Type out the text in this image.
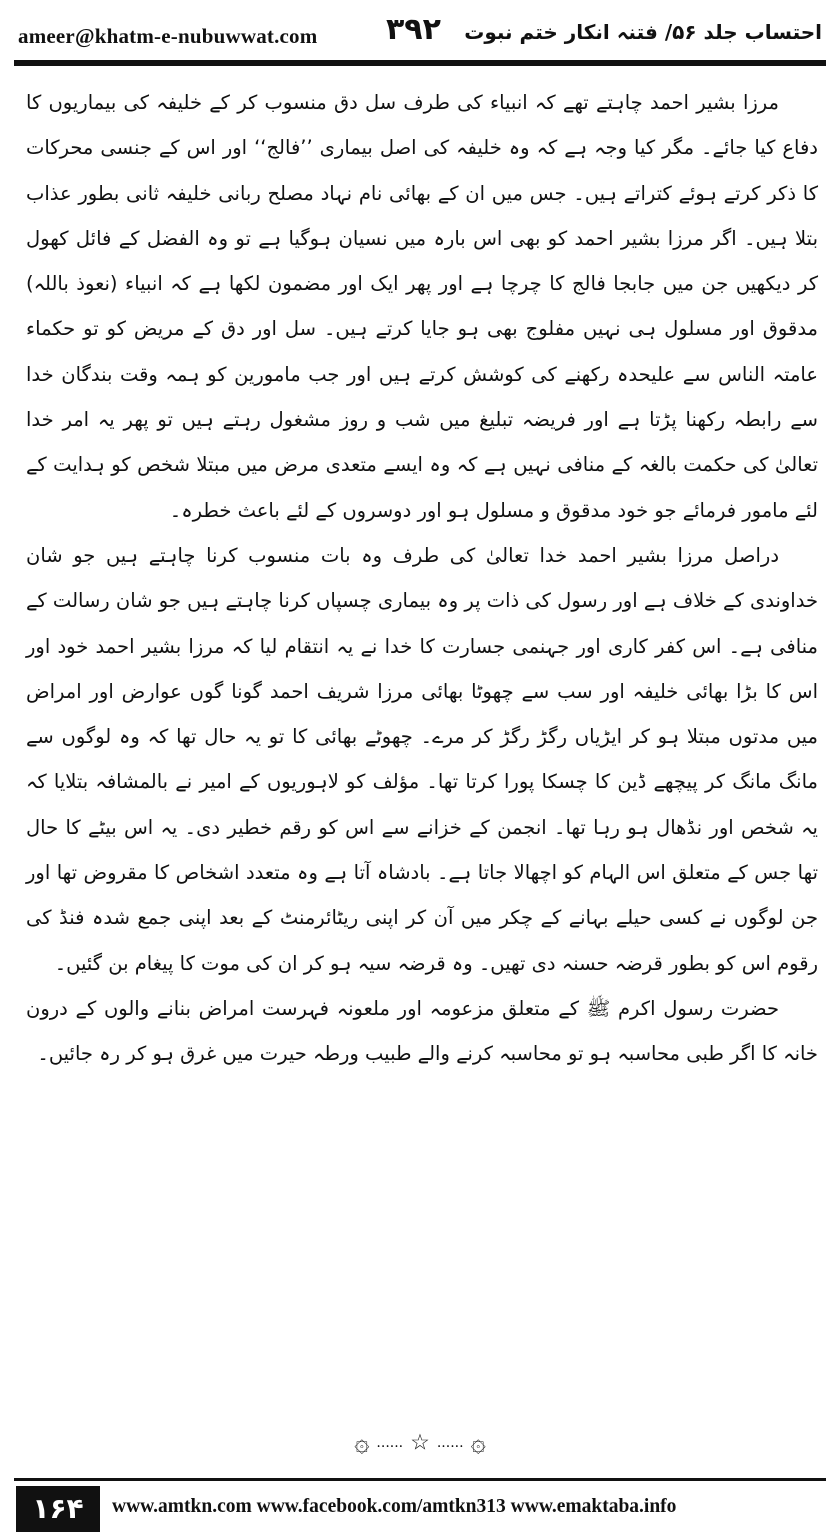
ameer@khatm-e-nubuwwat.com ۳۹۲ احتساب جلد ۵۶/ فتنہ انکار ختم نبوت

مرزا بشیر احمد چاہتے تھے کہ انبیاء کی طرف سل دق منسوب کر کے خلیفہ کی بیماریوں کا دفاع کیا جائے۔ مگر کیا وجہ ہے کہ وہ خلیفہ کی اصل بیماری ’’فالج‘‘ اور اس کے جنسی محرکات کا ذکر کرتے ہوئے کتراتے ہیں۔ جس میں ان کے بھائی نام نہاد مصلح ربانی خلیفہ ثانی بطور عذاب بتلا ہیں۔ اگر مرزا بشیر احمد کو بھی اس بارہ میں نسیان ہوگیا ہے تو وہ الفضل کے فائل کھول کر دیکھیں جن میں جابجا فالج کا چرچا ہے اور پھر ایک اور مضمون لکھا ہے کہ انبیاء (نعوذ باللہ) مدقوق اور مسلول ہی نہیں مفلوج بھی ہو جایا کرتے ہیں۔ سل اور دق کے مریض کو تو حکماء عامتہ الناس سے علیحدہ رکھنے کی کوشش کرتے ہیں اور جب مامورین کو ہمہ وقت بندگان خدا سے رابطہ رکھنا پڑتا ہے اور فریضہ تبلیغ میں شب و روز مشغول رہتے ہیں تو پھر یہ امر خدا تعالیٰ کی حکمت بالغہ کے منافی نہیں ہے کہ وہ ایسے متعدی مرض میں مبتلا شخص کو ہدایت کے لئے مامور فرمائے جو خود مدقوق و مسلول ہو اور دوسروں کے لئے باعث خطرہ۔

دراصل مرزا بشیر احمد خدا تعالیٰ کی طرف وہ بات منسوب کرنا چاہتے ہیں جو شان خداوندی کے خلاف ہے اور رسول کی ذات پر وہ بیماری چسپاں کرنا چاہتے ہیں جو شان رسالت کے منافی ہے۔ اس کفر کاری اور جہنمی جسارت کا خدا نے یہ انتقام لیا کہ مرزا بشیر احمد خود اور اس کا بڑا بھائی خلیفہ اور سب سے چھوٹا بھائی مرزا شریف احمد گونا گوں عوارض اور امراض میں مدتوں مبتلا ہو کر ایڑیاں رگڑ رگڑ کر مرے۔ چھوٹے بھائی کا تو یہ حال تھا کہ وہ لوگوں سے مانگ مانگ کر پیچھے ڈین کا چسکا پورا کرتا تھا۔ مؤلف کو لاہوریوں کے امیر نے بالمشافہ بتلایا کہ یہ شخص اور نڈھال ہو رہا تھا۔ انجمن کے خزانے سے اس کو رقم خطیر دی۔ یہ اس بیٹے کا حال تھا جس کے متعلق اس الہام کو اچھالا جاتا ہے۔ بادشاہ آتا ہے وہ متعدد اشخاص کا مقروض تھا اور جن لوگوں نے کسی حیلے بہانے کے چکر میں آن کر اپنی ریٹائرمنٹ کے بعد اپنی جمع شدہ فنڈ کی رقوم اس کو بطور قرضہ حسنہ دی تھیں۔ وہ قرضہ سیہ ہو کر ان کی موت کا پیغام بن گئیں۔

حضرت رسول اکرم ﷺ کے متعلق مزعومہ اور ملعونہ فہرست امراض بنانے والوں کے درون خانہ کا اگر طبی محاسبہ ہو تو محاسبہ کرنے والے طبیب ورطہ حیرت میں غرق ہو کر رہ جائیں۔

۞ ...... ☆ ...... ۞
۱۶۴	www.amtkn.com www.facebook.com/amtkn313 www.emaktaba.info
